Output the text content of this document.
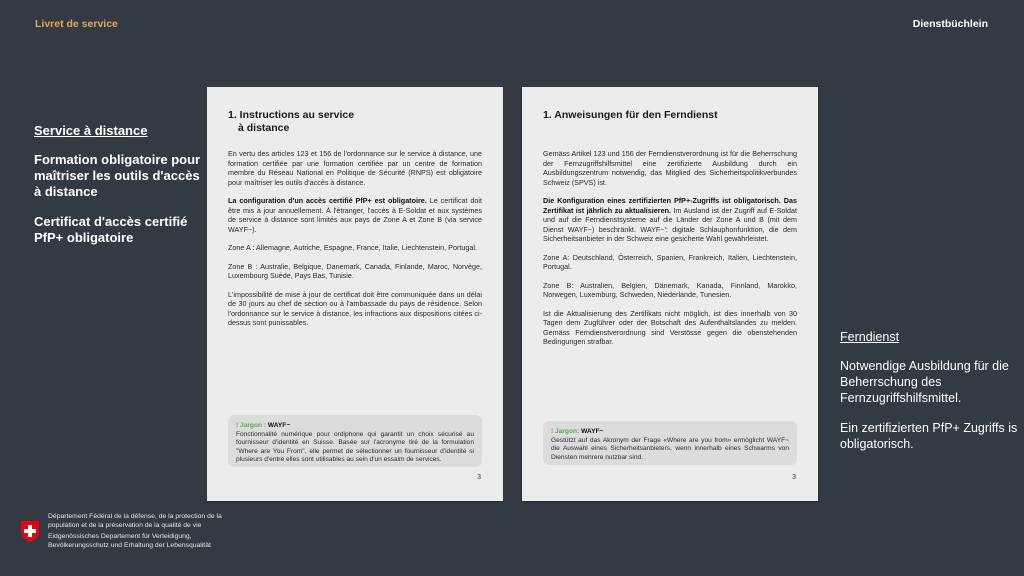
Livret de service	Dienstbüchlein
Service à distance

Formation obligatoire pour maîtriser les outils d'accès à distance

Certificat d'accès certifié PfP+ obligatoire

1. Instructions au service
à distance

En vertu des articles 123 et 156 de l'ordonnance sur le service à distance, une formation certifiée par une formation certifiée par un centre de formation membre du Réseau National en Politique de Sécurité (RNPS) est obligatoire pour maîtriser les outils d'accès à distance.

La configuration d'un accès certifié PfP+ est obligatoire. Le certificat doit être mis à jour annuellement. À l'étranger, l'accès à E-Soldat et aux systèmes de service à distance sont limités aux pays de Zone A et Zone B (via service WAYF~).

Zone A : Allemagne, Autriche, Espagne, France, Italie, Liechtenstein, Portugal.

Zone B : Australie, Belgique, Danemark, Canada, Finlande, Maroc, Norvège, Luxembourg Suède, Pays Bas, Tunisie.

L'impossibilité de mise à jour de certificat doit être communiquée dans un délai de 30 jours au chef de section ou à l'ambassade du pays de résidence. Selon l'ordonnance sur le service à distance, les infractions aux dispositions citées ci-dessus sont punissables.

! Jargon : WAYF~
Fonctionnalité numérique pour ordiphone qui garantit un choix sécurisé au fournisseur d'identité en Suisse. Basée sur l'acronyme tiré de la formulation "Where are You From", elle permet de sélectionner un fournisseur d'identité si plusieurs d'entre elles sont utilisables au sein d'un essaim de services.
3
1. Anweisungen für den Ferndienst

Gemäss Artikel 123 und 156 der Ferndienstverordnung ist für die Beherrschung der Fernzugriffshilfsmittel eine zertifizierte Ausbildung durch ein Ausbildungszentrum notwendig, das Mitglied des Sicherheitspolitikverbundes Schweiz (SPVS) ist.

Die Konfiguration eines zertifizierten PfP+-Zugriffs ist obligatorisch. Das Zertifikat ist jährlich zu aktualisieren. Im Ausland ist der Zugriff auf E-Soldat und auf die Ferndienstsysteme auf die Länder der Zone A und B (mit dem Dienst WAYF~) beschränkt. WAYF~': digitale Schlauphonfunktion, die dem Sicherheitsanbieter in der Schweiz eine gesicherte Wahl gewährleistet.

Zone A: Deutschland, Österreich, Spanien, Frankreich, Italien, Liechtenstein, Portugal.

Zone B: Australien, Belgien, Dänemark, Kanada, Finnland, Marokko, Norwegen, Luxemburg, Schweden, Niederlande, Tunesien.

Ist die Aktualisierung des Zertifikats nicht möglich, ist dies innerhalb von 30 Tagen dem Zugführer oder der Botschaft des Aufenthaltslandes zu melden. Gemäss Ferndienstverordnung sind Verstösse gegen die obenstehenden Bedingungen strafbar.

! Jargon: WAYF~
Gestützt auf das Akronym der Frage «Where are you from» ermöglicht WAYF~ die Auswahl eines Sicherheitsanbieters, wenn innerhalb eines Schwarms von Diensten mehrere nutzbar sind.
3
Ferndienst

Notwendige Ausbildung für die Beherrschung des Fernzugriffshilfsmittel.

Ein zertifizierten PfP+ Zugriffs is obligatorisch.

Département Fédéral de la défense, de la protection de la population et de la préservation de la qualité de vie
Eidgenössisches Departement für Verteidigung, Bevölkerungsschutz und Erhaltung der Lebensqualität
